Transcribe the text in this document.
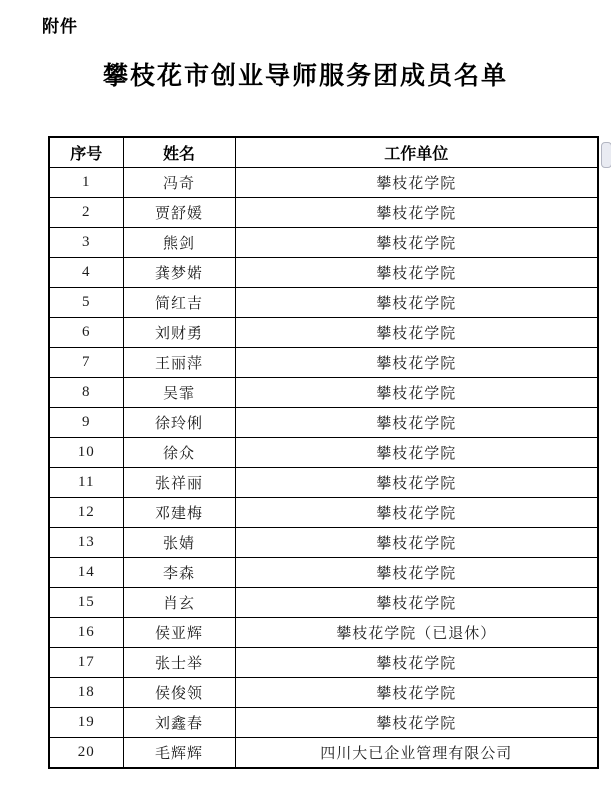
附件
攀枝花市创业导师服务团成员名单
序号	姓名	工作单位
1	冯奇	攀枝花学院
2	贾舒媛	攀枝花学院
3	熊剑	攀枝花学院
4	龚梦婼	攀枝花学院
5	简红吉	攀枝花学院
6	刘财勇	攀枝花学院
7	王丽萍	攀枝花学院
8	吴霏	攀枝花学院
9	徐玲俐	攀枝花学院
10	徐众	攀枝花学院
11	张祥丽	攀枝花学院
12	邓建梅	攀枝花学院
13	张婧	攀枝花学院
14	李森	攀枝花学院
15	肖玄	攀枝花学院
16	侯亚辉	攀枝花学院（已退休）
17	张士举	攀枝花学院
18	侯俊领	攀枝花学院
19	刘鑫春	攀枝花学院
20	毛辉辉	四川大已企业管理有限公司
